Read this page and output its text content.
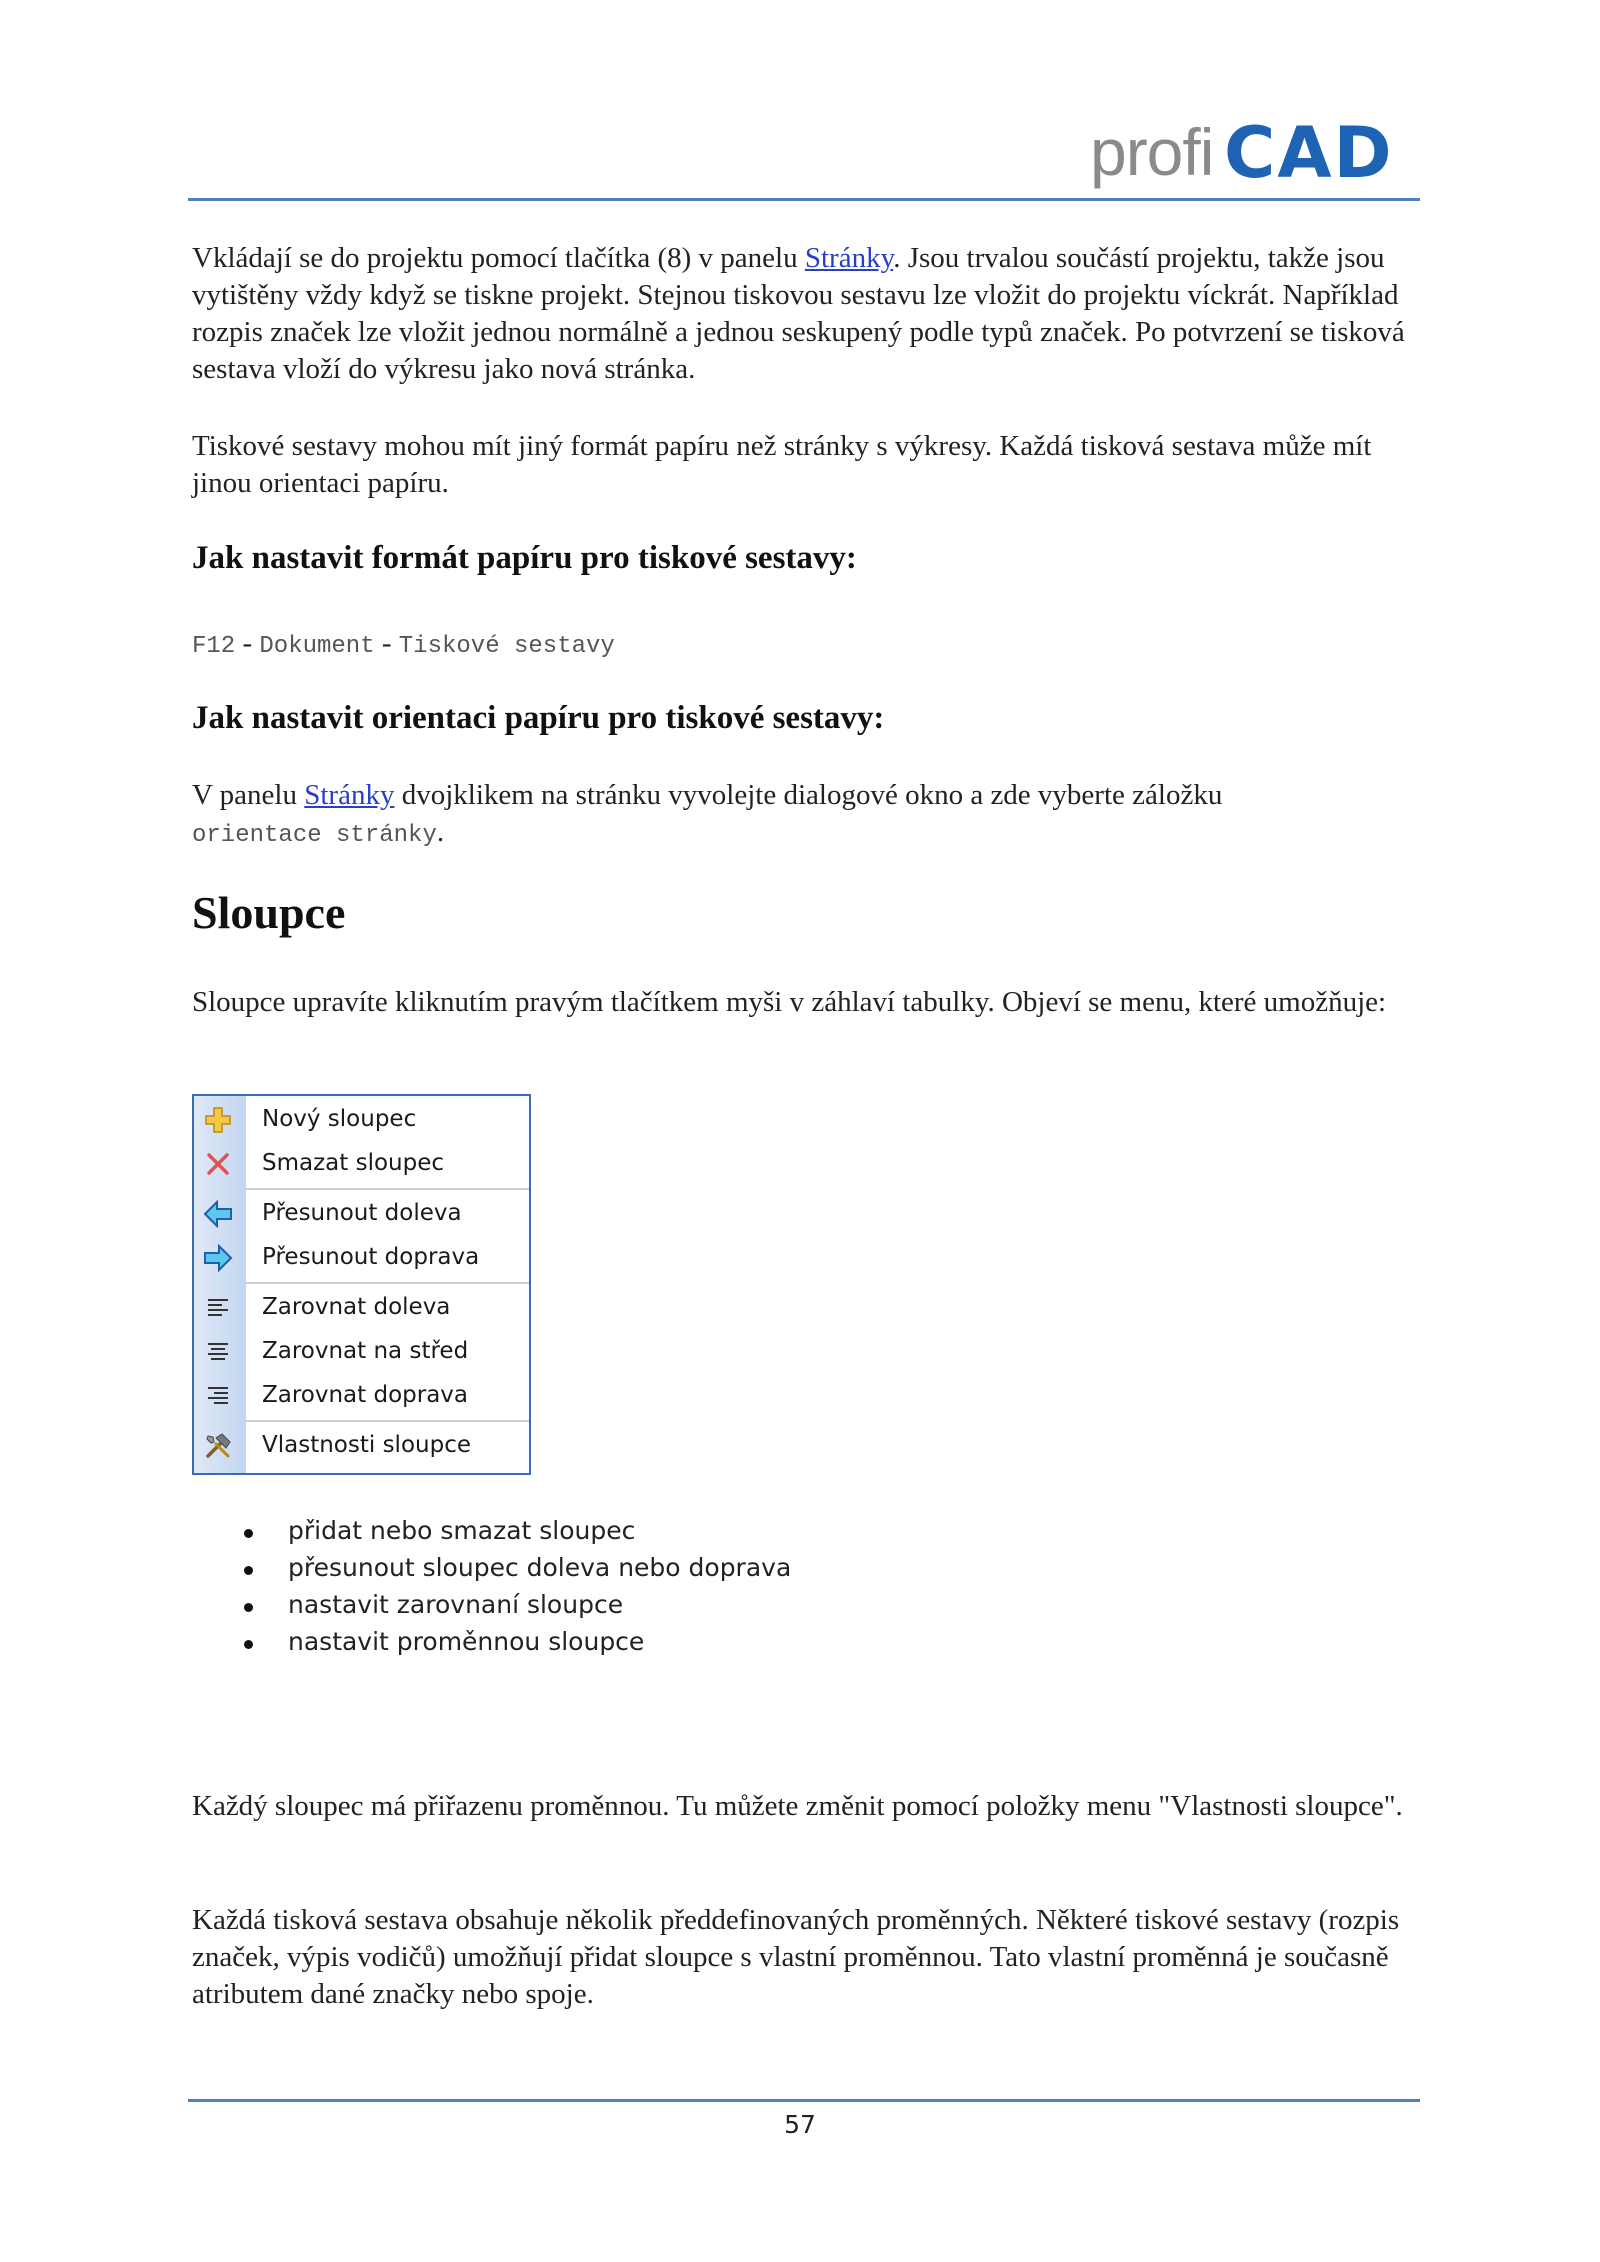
profi CAD

Vkládají se do projektu pomocí tlačítka (8) v panelu Stránky. Jsou trvalou součástí projektu, takže jsou vytištěny vždy když se tiskne projekt. Stejnou tiskovou sestavu lze vložit do projektu víckrát. Například rozpis značek lze vložit jednou normálně a jednou seskupený podle typů značek. Po potvrzení se tisková sestava vloží do výkresu jako nová stránka.

Tiskové sestavy mohou mít jiný formát papíru než stránky s výkresy. Každá tisková sestava může mít jinou orientaci papíru.

Jak nastavit formát papíru pro tiskové sestavy:

F12 - Dokument - Tiskové sestavy

Jak nastavit orientaci papíru pro tiskové sestavy:

V panelu Stránky dvojklikem na stránku vyvolejte dialogové okno a zde vyberte záložku
orientace stránky.

Sloupce

Sloupce upravíte kliknutím pravým tlačítkem myši v záhlaví tabulky. Objeví se menu, které umožňuje:

Nový sloupec
Smazat sloupec
Přesunout doleva
Přesunout doprava
Zarovnat doleva
Zarovnat na střed
Zarovnat doprava
Vlastnosti sloupce
přidat nebo smazat sloupec
přesunout sloupec doleva nebo doprava
nastavit zarovnaní sloupce
nastavit proměnnou sloupce

Každý sloupec má přiřazenu proměnnou. Tu můžete změnit pomocí položky menu "Vlastnosti sloupce".

Každá tisková sestava obsahuje několik předdefinovaných proměnných. Některé tiskové sestavy (rozpis značek, výpis vodičů) umožňují přidat sloupce s vlastní proměnnou. Tato vlastní proměnná je současně atributem dané značky nebo spoje.

57
